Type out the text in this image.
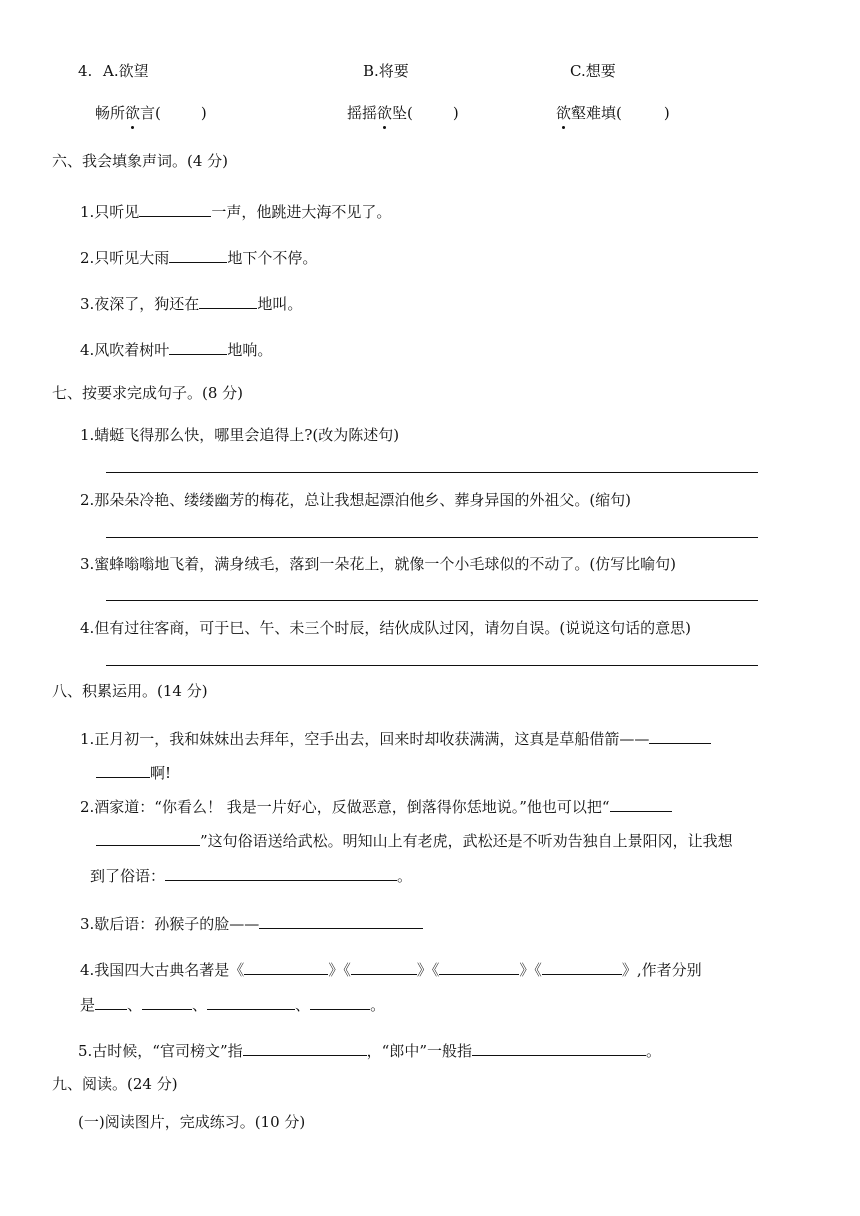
4. A.欲望	B.将要	C.想要
畅所欲言(	)	摇摇欲坠(	)	欲壑难填(	)
六、我会填象声词。(4 分)
1.只听见	一声，他跳进大海不见了。
2.只听见大雨	地下个不停。
3.夜深了，狗还在	地叫。
4.风吹着树叶	地响。
七、按要求完成句子。(8 分)
1.蜻蜓飞得那么快，哪里会追得上?(改为陈述句)
2.那朵朵冷艳、缕缕幽芳的梅花，总让我想起漂泊他乡、葬身异国的外祖父。(缩句)
3.蜜蜂嗡嗡地飞着，满身绒毛，落到一朵花上，就像一个小毛球似的不动了。(仿写比喻句)
4.但有过往客商，可于巳、午、未三个时辰，结伙成队过冈，请勿自误。(说说这句话的意思)
八、积累运用。(14 分)
1.正月初一，我和妹妹出去拜年，空手出去，回来时却收获满满，这真是草船借箭——
啊!
2.酒家道：“你看么！ 我是一片好心，反做恶意，倒落得你恁地说。”他也可以把“
”这句俗语送给武松。明知山上有老虎，武松还是不听劝告独自上景阳冈，让我想
到了俗语：	。
3.歇后语：孙猴子的脸——
4.我国四大古典名著是《	》《	》《	》《	》,作者分别
是 、	、	、	。
5.古时候，“官司榜文”指	，“郎中”一般指	。
九、阅读。(24 分)
(一)阅读图片，完成练习。(10 分)
